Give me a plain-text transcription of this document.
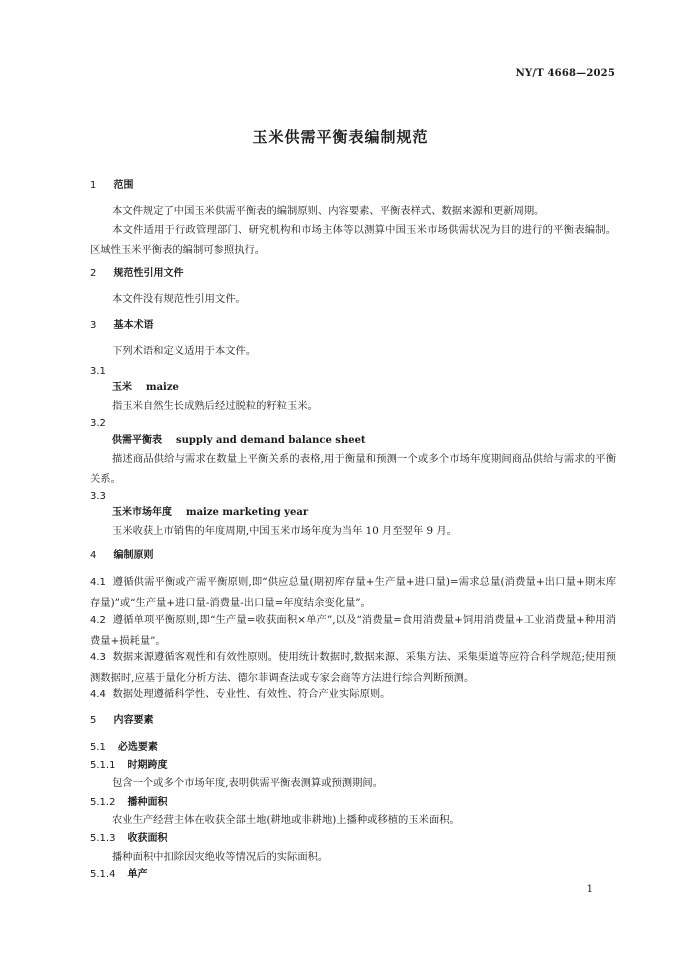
NY/T 4668—2025
玉米供需平衡表编制规范
1 范围
本文件规定了中国玉米供需平衡表的编制原则、内容要素、平衡表样式、数据来源和更新周期。
本文件适用于行政管理部门、研究机构和市场主体等以测算中国玉米市场供需状况为目的进行的平衡表编制。区域性玉米平衡表的编制可参照执行。
2 规范性引用文件
本文件没有规范性引用文件。
3 基本术语
下列术语和定义适用于本文件。
3.1
玉米 maize
指玉米自然生长成熟后经过脱粒的籽粒玉米。
3.2
供需平衡表 supply and demand balance sheet
描述商品供给与需求在数量上平衡关系的表格,用于衡量和预测一个或多个市场年度期间商品供给与需求的平衡关系。
3.3
玉米市场年度 maize marketing year
玉米收获上市销售的年度周期,中国玉米市场年度为当年 10 月至翌年 9 月。
4 编制原则
4.1 遵循供需平衡或产需平衡原则,即“供应总量(期初库存量+生产量+进口量)=需求总量(消费量+出口量+期末库存量)”或“生产量+进口量-消费量-出口量=年度结余变化量”。
4.2 遵循单项平衡原则,即“生产量=收获面积×单产”,以及“消费量=食用消费量+饲用消费量+工业消费量+种用消费量+损耗量”。
4.3 数据来源遵循客观性和有效性原则。使用统计数据时,数据来源、采集方法、采集渠道等应符合科学规范;使用预测数据时,应基于量化分析方法、德尔菲调查法或专家会商等方法进行综合判断预测。
4.4 数据处理遵循科学性、专业性、有效性、符合产业实际原则。
5 内容要素
5.1 必选要素
5.1.1 时期跨度
包含一个或多个市场年度,表明供需平衡表测算或预测期间。
5.1.2 播种面积
农业生产经营主体在收获全部土地(耕地或非耕地)上播种或移植的玉米面积。
5.1.3 收获面积
播种面积中扣除因灾绝收等情况后的实际面积。
5.1.4 单产
1
